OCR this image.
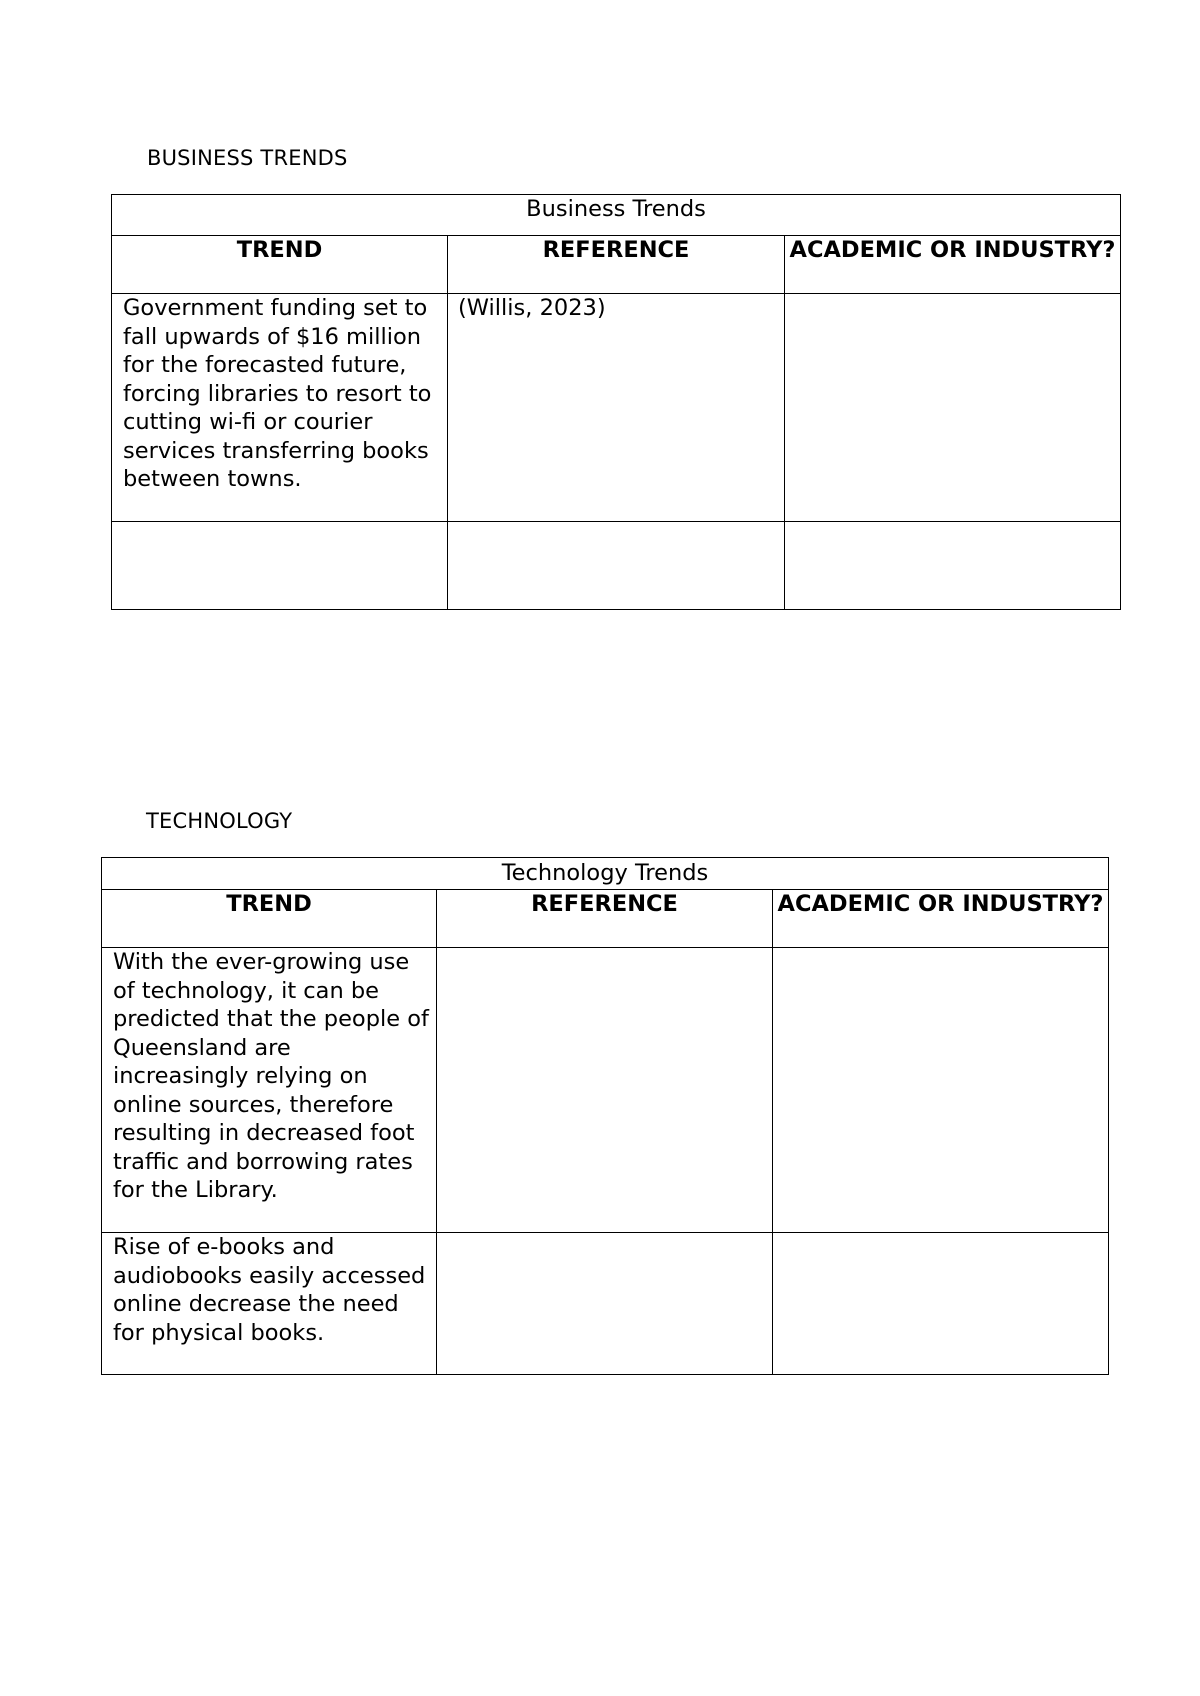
BUSINESS TRENDS
Business Trends		
TREND	REFERENCE	ACADEMIC OR INDUSTRY?
Government funding set to fall upwards of $16 million for the forecasted future, forcing libraries to resort to cutting wi-fi or courier services transferring books between towns.	(Willis, 2023)	

TECHNOLOGY
Technology Trends		
TREND	REFERENCE	ACADEMIC OR INDUSTRY?
With the ever-growing use of technology, it can be predicted that the people of Queensland are increasingly relying on online sources, therefore resulting in decreased foot traffic and borrowing rates for the Library.		
Rise of e-books and audiobooks easily accessed online decrease the need for physical books.		
